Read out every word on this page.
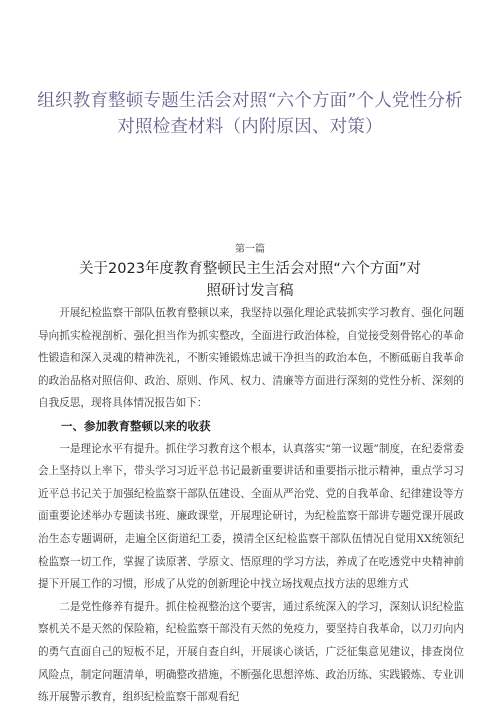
组织教育整顿专题生活会对照“六个方面”个人党性分析
对照检查材料（内附原因、对策）
第一篇
关于2023年度教育整顿民主生活会对照“六个方面”对
照研讨发言稿

开展纪检监察干部队伍教育整顿以来，我坚持以强化理论武装抓实学习教育、强化问题导向抓实检视剖析、强化担当作为抓实整改，全面进行政治体检，自觉接受刻骨铭心的革命性锻造和深入灵魂的精神洗礼，不断实锤锻炼忠诚干净担当的政治本色，不断砥砺自我革命的政治品格对照信仰、政治、原则、作风、权力、清廉等方面进行深刻的党性分析、深刻的自我反思，现将具体情况报告如下：

一、参加教育整顿以来的收获

一是理论水平有提升。抓住学习教育这个根本，认真落实“第一议题”制度，在纪委常委会上坚持以上率下，带头学习习近平总书记最新重要讲话和重要指示批示精神，重点学习习近平总书记关于加强纪检监察干部队伍建设、全面从严治党、党的自我革命、纪律建设等方面重要论述举办专题读书班、廉政课堂，开展理论研讨，为纪检监察干部讲专题党课开展政治生态专题调研，走遍全区街道纪工委，摸清全区纪检监察干部队伍情况自觉用XX统领纪检监察一切工作，掌握了读原著、学原文、悟原理的学习方法，养成了在吃透党中央精神前提下开展工作的习惯，形成了从党的创新理论中找立场找观点找方法的思维方式

二是党性修养有提升。抓住检视整治这个要害，通过系统深入的学习，深刻认识纪检监察机关不是天然的保险箱，纪检监察干部没有天然的免疫力，要坚持自我革命，以刀刃向内的勇气直面自己的短板不足，开展自查自纠，开展谈心谈话，广泛征集意见建议，排查岗位风险点，制定问题清单，明确整改措施，不断强化思想淬炼、政治历练、实践锻炼、专业训练开展警示教育，组织纪检监察干部观看纪
